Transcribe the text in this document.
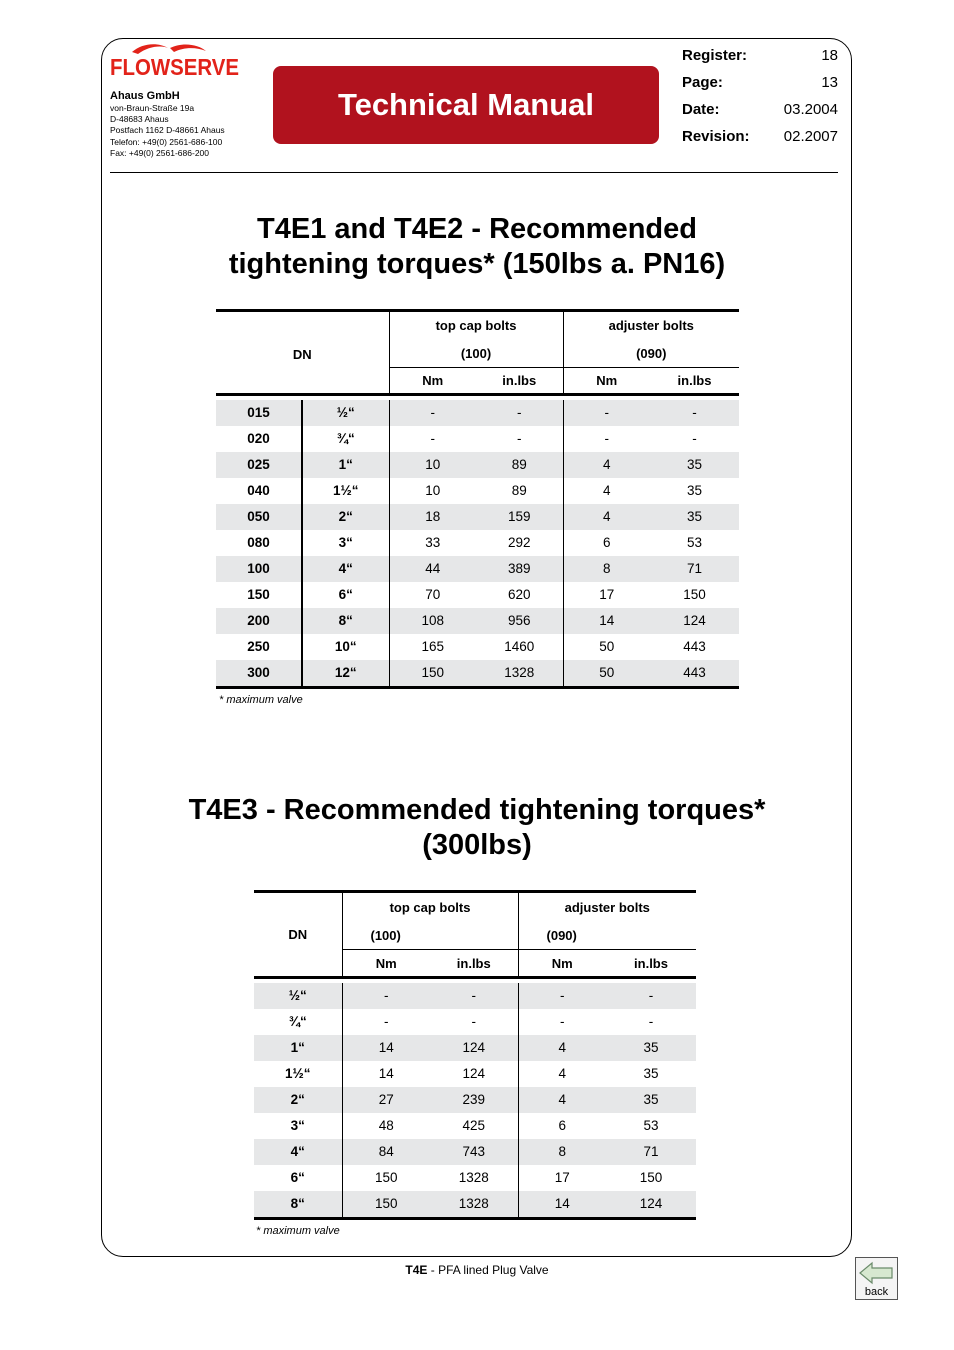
FLOWSERVE
Ahaus GmbH
von-Braun-Straße 19a
D-48683 Ahaus
Postfach 1162 D-48661 Ahaus
Telefon: +49(0) 2561-686-100
Fax: +49(0) 2561-686-200
Technical Manual
Register:	18
Page:	13
Date:	03.2004
Revision: 02.2007
T4E1 and T4E2 - Recommended
tightening torques* (150lbs a. PN16)
DN		top cap bolts		adjuster bolts	
		(100)		(090)	
		Nm	in.lbs	Nm	in.lbs

015	½“	-	-	-	-
020	¾“	-	-	-	-
025	1“	10	89	4	35
040	1½“	10	89	4	35
050	2“	18	159	4	35
080	3“	33	292	6	53
100	4“	44	389	8	71
150	6“	70	620	17	150
200	8“	108	956	14	124
250	10“	165	1460	50	443
300	12“	150	1328	50	443
* maximum valve
T4E3 - Recommended tightening torques*
(300lbs)
DN	top cap bolts		adjuster bolts	
	(100)		(090)	
	Nm	in.lbs	Nm	in.lbs

½“	-	-	-	-
¾“	-	-	-	-
1“	14	124	4	35
1½“	14	124	4	35
2“	27	239	4	35
3“	48	425	6	53
4“	84	743	8	71
6“	150	1328	17	150
8“	150	1328	14	124
* maximum valve
T4E - PFA lined Plug Valve
back
